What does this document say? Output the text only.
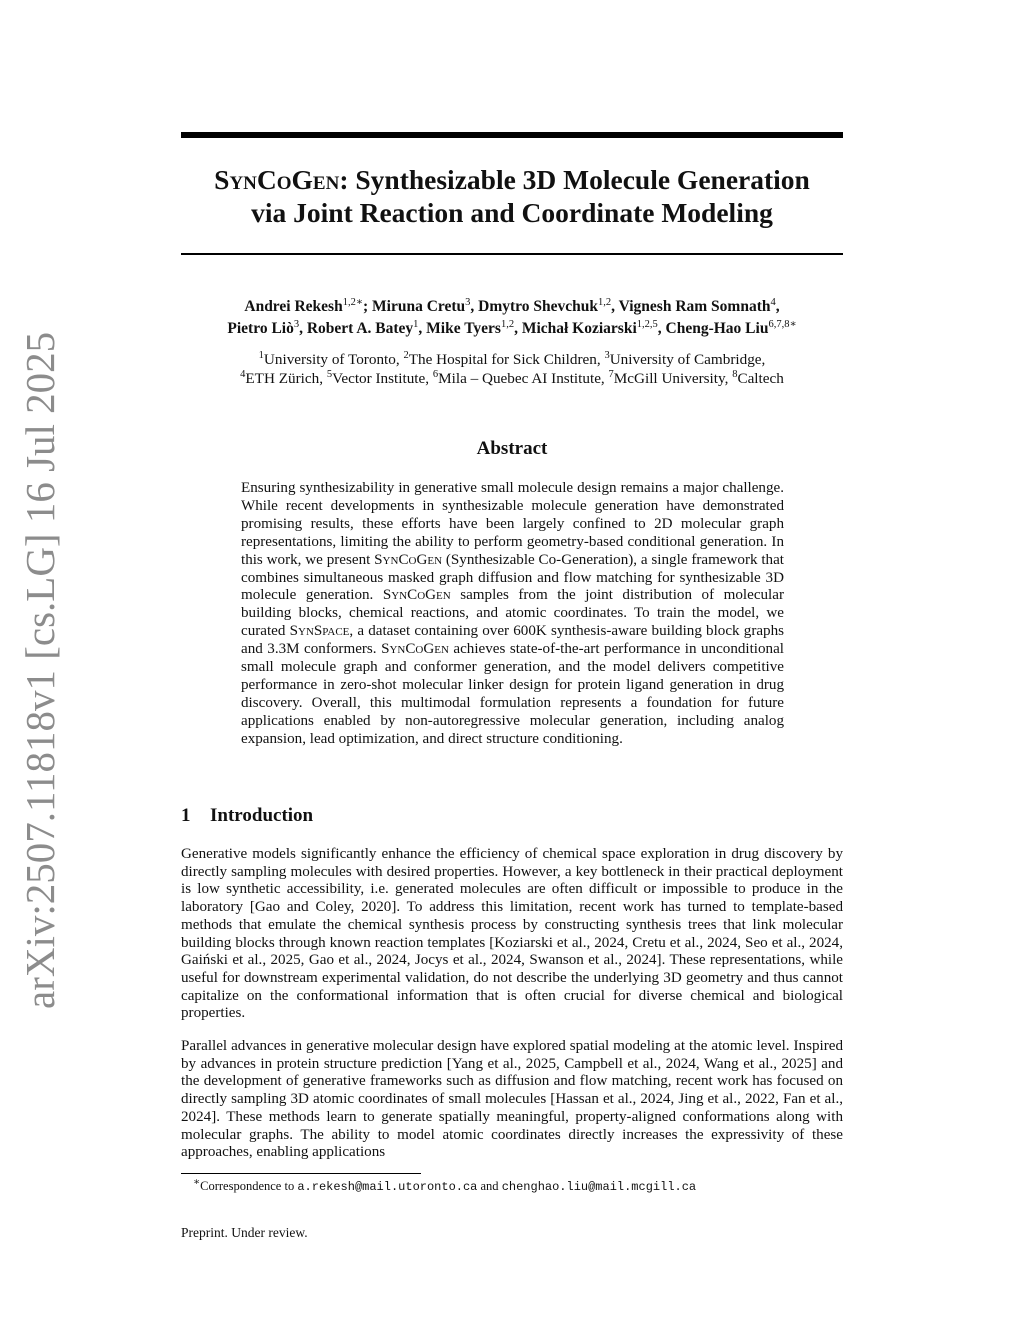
arXiv:2507.11818v1 [cs.LG] 16 Jul 2025
SynCoGen: Synthesizable 3D Molecule Generation
via Joint Reaction and Coordinate Modeling
Andrei Rekesh$^{1,2∗}$; Miruna Cretu$^3$, Dmytro Shevchuk$^{1,2}$, Vignesh Ram Somnath$^4$,
Pietro Liò$^3$, Robert A. Batey$^1$, Mike Tyers$^{1,2}$, Michał Koziarski$^{1,2,5}$, Cheng-Hao Liu$^{6,7,8∗}$
$^1$University of Toronto, $^2$The Hospital for Sick Children, $^3$University of Cambridge,
$^4$ETH Zürich, $^5$Vector Institute, $^6$Mila – Quebec AI Institute, $^7$McGill University, $^8$Caltech
Abstract

Ensuring synthesizability in generative small molecule design remains a major challenge. While recent developments in synthesizable molecule generation have demonstrated promising results, these efforts have been largely confined to 2D molecular graph representations, limiting the ability to perform geometry-based conditional generation. In this work, we present SynCoGen (Synthesizable Co-Generation), a single framework that combines simultaneous masked graph diffusion and flow matching for synthesizable 3D molecule generation. SynCoGen samples from the joint distribution of molecular building blocks, chemical reactions, and atomic coordinates. To train the model, we curated SynSpace, a dataset containing over 600K synthesis-aware building block graphs and 3.3M conformers. SynCoGen achieves state-of-the-art performance in unconditional small molecule graph and conformer generation, and the model delivers competitive performance in zero-shot molecular linker design for protein ligand generation in drug discovery. Overall, this multimodal formulation represents a foundation for future applications enabled by non-autoregressive molecular generation, including analog expansion, lead optimization, and direct structure conditioning.

1 Introduction

Generative models significantly enhance the efficiency of chemical space exploration in drug discovery by directly sampling molecules with desired properties. However, a key bottleneck in their practical deployment is low synthetic accessibility, i.e. generated molecules are often difficult or impossible to produce in the laboratory [Gao and Coley, 2020]. To address this limitation, recent work has turned to template-based methods that emulate the chemical synthesis process by constructing synthesis trees that link molecular building blocks through known reaction templates [Koziarski et al., 2024, Cretu et al., 2024, Seo et al., 2024, Gaiński et al., 2025, Gao et al., 2024, Jocys et al., 2024, Swanson et al., 2024]. These representations, while useful for downstream experimental validation, do not describe the underlying 3D geometry and thus cannot capitalize on the conformational information that is often crucial for diverse chemical and biological properties.

Parallel advances in generative molecular design have explored spatial modeling at the atomic level. Inspired by advances in protein structure prediction [Yang et al., 2025, Campbell et al., 2024, Wang et al., 2025] and the development of generative frameworks such as diffusion and flow matching, recent work has focused on directly sampling 3D atomic coordinates of small molecules [Hassan et al., 2024, Jing et al., 2022, Fan et al., 2024]. These methods learn to generate spatially meaningful, property-aligned conformations along with molecular graphs. The ability to model atomic coordinates directly increases the expressivity of these approaches, enabling applications

∗Correspondence to a.rekesh@mail.utoronto.ca and chenghao.liu@mail.mcgill.ca
Preprint. Under review.
